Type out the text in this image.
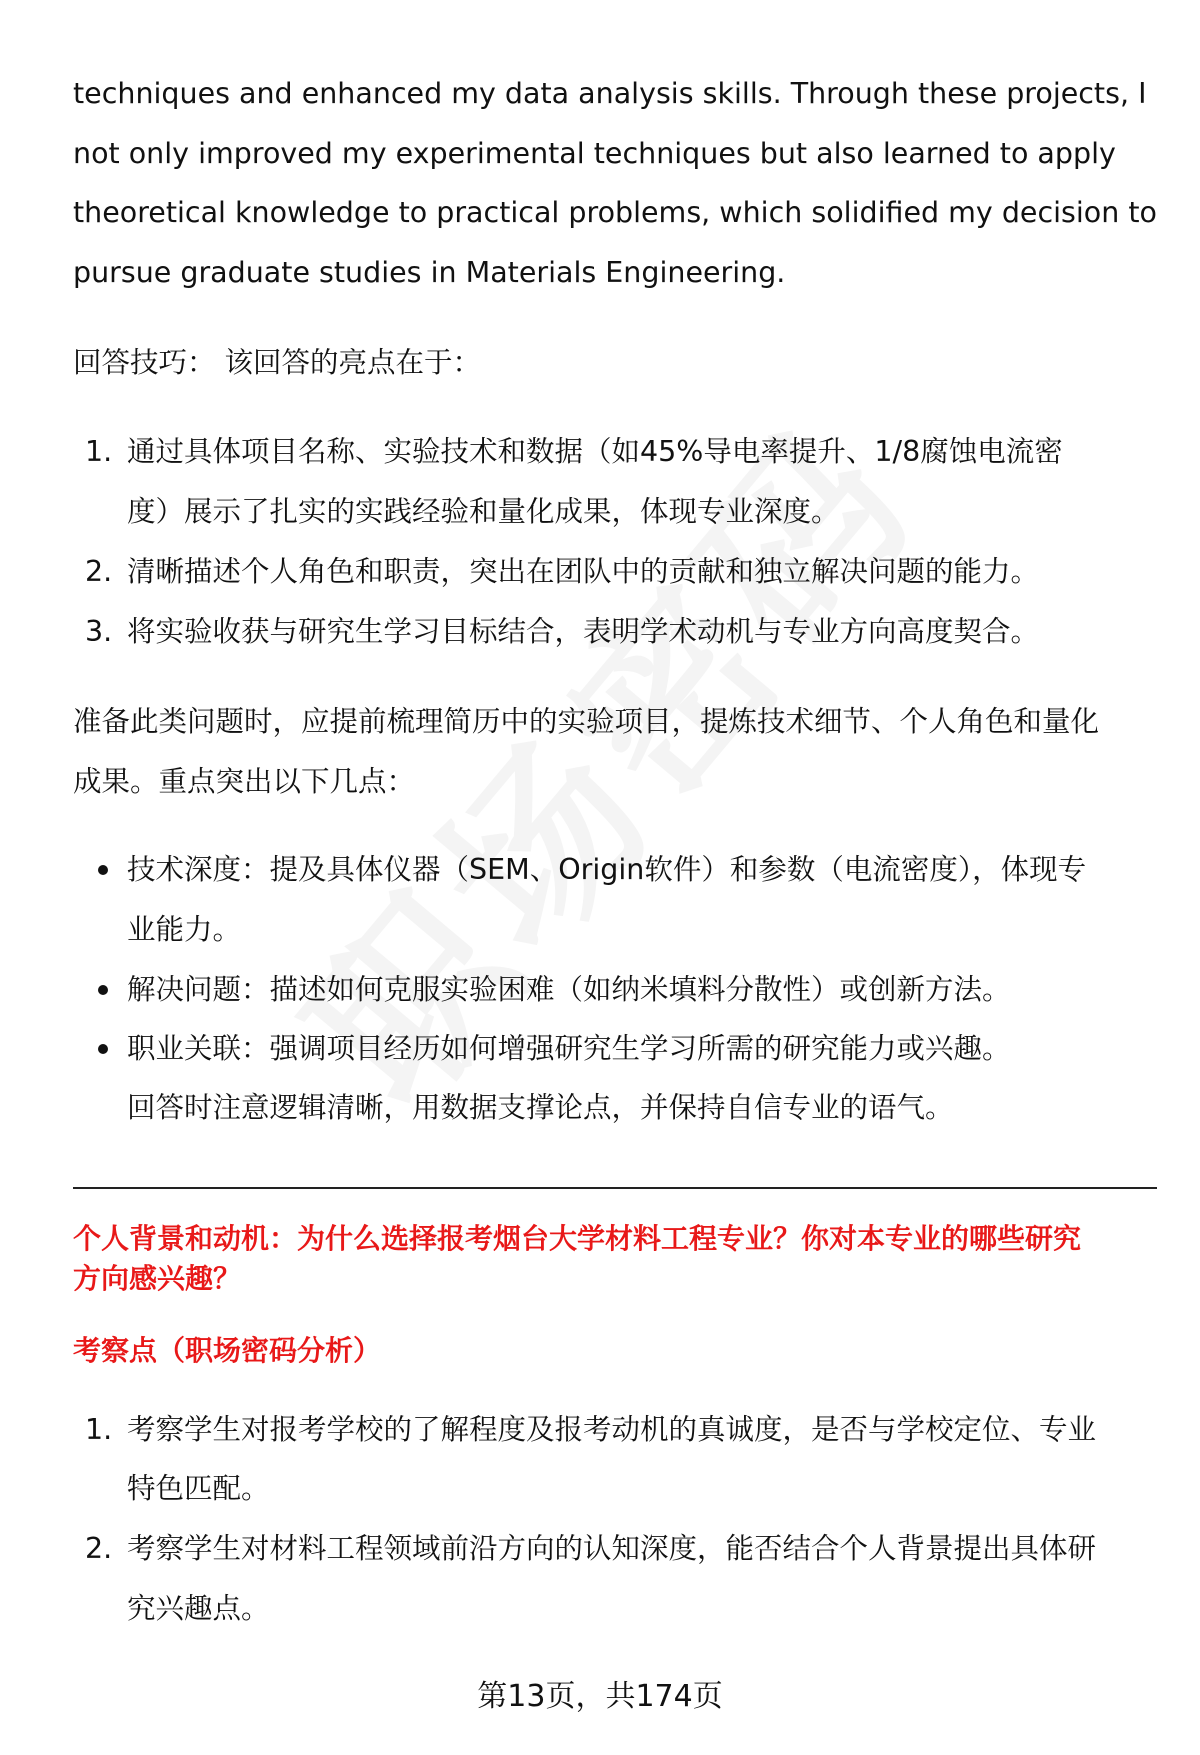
techniques and enhanced my data analysis skills. Through these projects, I
not only improved my experimental techniques but also learned to apply
theoretical knowledge to practical problems, which solidified my decision to
pursue graduate studies in Materials Engineering.
回答技巧： 该回答的亮点在于：
1. 通过具体项目名称、实验技术和数据（如45%导电率提升、1/8腐蚀电流密
度）展示了扎实的实践经验和量化成果，体现专业深度。
2. 清晰描述个人角色和职责，突出在团队中的贡献和独立解决问题的能力。
3. 将实验收获与研究生学习目标结合，表明学术动机与专业方向高度契合。
准备此类问题时，应提前梳理简历中的实验项目，提炼技术细节、个人角色和量化
成果。重点突出以下几点：
技术深度：提及具体仪器（SEM、Origin软件）和参数（电流密度），体现专
业能力。
解决问题：描述如何克服实验困难（如纳米填料分散性）或创新方法。
职业关联：强调项目经历如何增强研究生学习所需的研究能力或兴趣。
回答时注意逻辑清晰，用数据支撑论点，并保持自信专业的语气。
个人背景和动机：为什么选择报考烟台大学材料工程专业？你对本专业的哪些研究
方向感兴趣？
考察点（职场密码分析）
1. 考察学生对报考学校的了解程度及报考动机的真诚度，是否与学校定位、专业
特色匹配。
2. 考察学生对材料工程领域前沿方向的认知深度，能否结合个人背景提出具体研
究兴趣点。
第13页，共174页
